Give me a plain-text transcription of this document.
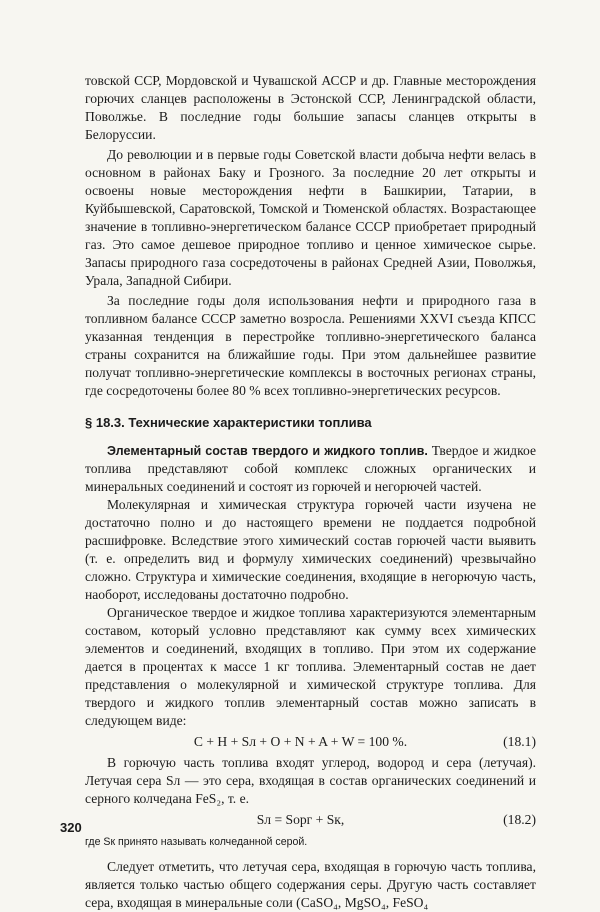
товской ССР, Мордовской и Чувашской АССР и др. Главные месторождения горючих сланцев расположены в Эстонской ССР, Ленинградской области, Поволжье. В последние годы большие запасы сланцев открыты в Белоруссии.

До революции и в первые годы Советской власти добыча нефти велась в основном в районах Баку и Грозного. За последние 20 лет открыты и освоены новые месторождения нефти в Башкирии, Татарии, в Куйбышевской, Саратовской, Томской и Тюменской областях. Возрастающее значение в топливно-энергетическом балансе СССР приобретает природный газ. Это самое дешевое природное топливо и ценное химическое сырье. Запасы природного газа сосредоточены в районах Средней Азии, Поволжья, Урала, Западной Сибири.

За последние годы доля использования нефти и природного газа в топливном балансе СССР заметно возросла. Решениями XXVI съезда КПСС указанная тенденция в перестройке топливно-энергетического баланса страны сохранится на ближайшие годы. При этом дальнейшее развитие получат топливно-энергетические комплексы в восточных регионах страны, где сосредоточены более 80 % всех топливно-энергетических ресурсов.

§ 18.3. Технические характеристики топлива

Элементарный состав твердого и жидкого топлив. Твердое и жидкое топлива представляют собой комплекс сложных органических и минеральных соединений и состоят из горючей и негорючей частей.

Молекулярная и химическая структура горючей части изучена не достаточно полно и до настоящего времени не поддается подробной расшифровке. Вследствие этого химический состав горючей части выявить (т. е. определить вид и формулу химических соединений) чрезвычайно сложно. Структура и химические соединения, входящие в негорючую часть, наоборот, исследованы достаточно подробно.

Органическое твердое и жидкое топлива характеризуются элементарным составом, который условно представляют как сумму всех химических элементов и соединений, входящих в топливо. При этом их содержание дается в процентах к массе 1 кг топлива. Элементарный состав не дает представления о молекулярной и химической структуре топлива. Для твердого и жидкого топлив элементарный состав можно записать в следующем виде:

C + H + Sл + O + N + A + W = 100 %.	(18.1)

В горючую часть топлива входят углерод, водород и сера (летучая). Летучая сера Sл — это сера, входящая в состав органических соединений и серного колчедана FeS₂, т. е.

Sл = Sорг + Sк,	(18.2)
где Sк принято называть колчеданной серой.

Следует отметить, что летучая сера, входящая в горючую часть топлива, является только частью общего содержания серы. Другую часть составляет сера, входящая в минеральные соли (CaSO₄, MgSO₄, FeSO₄

320
